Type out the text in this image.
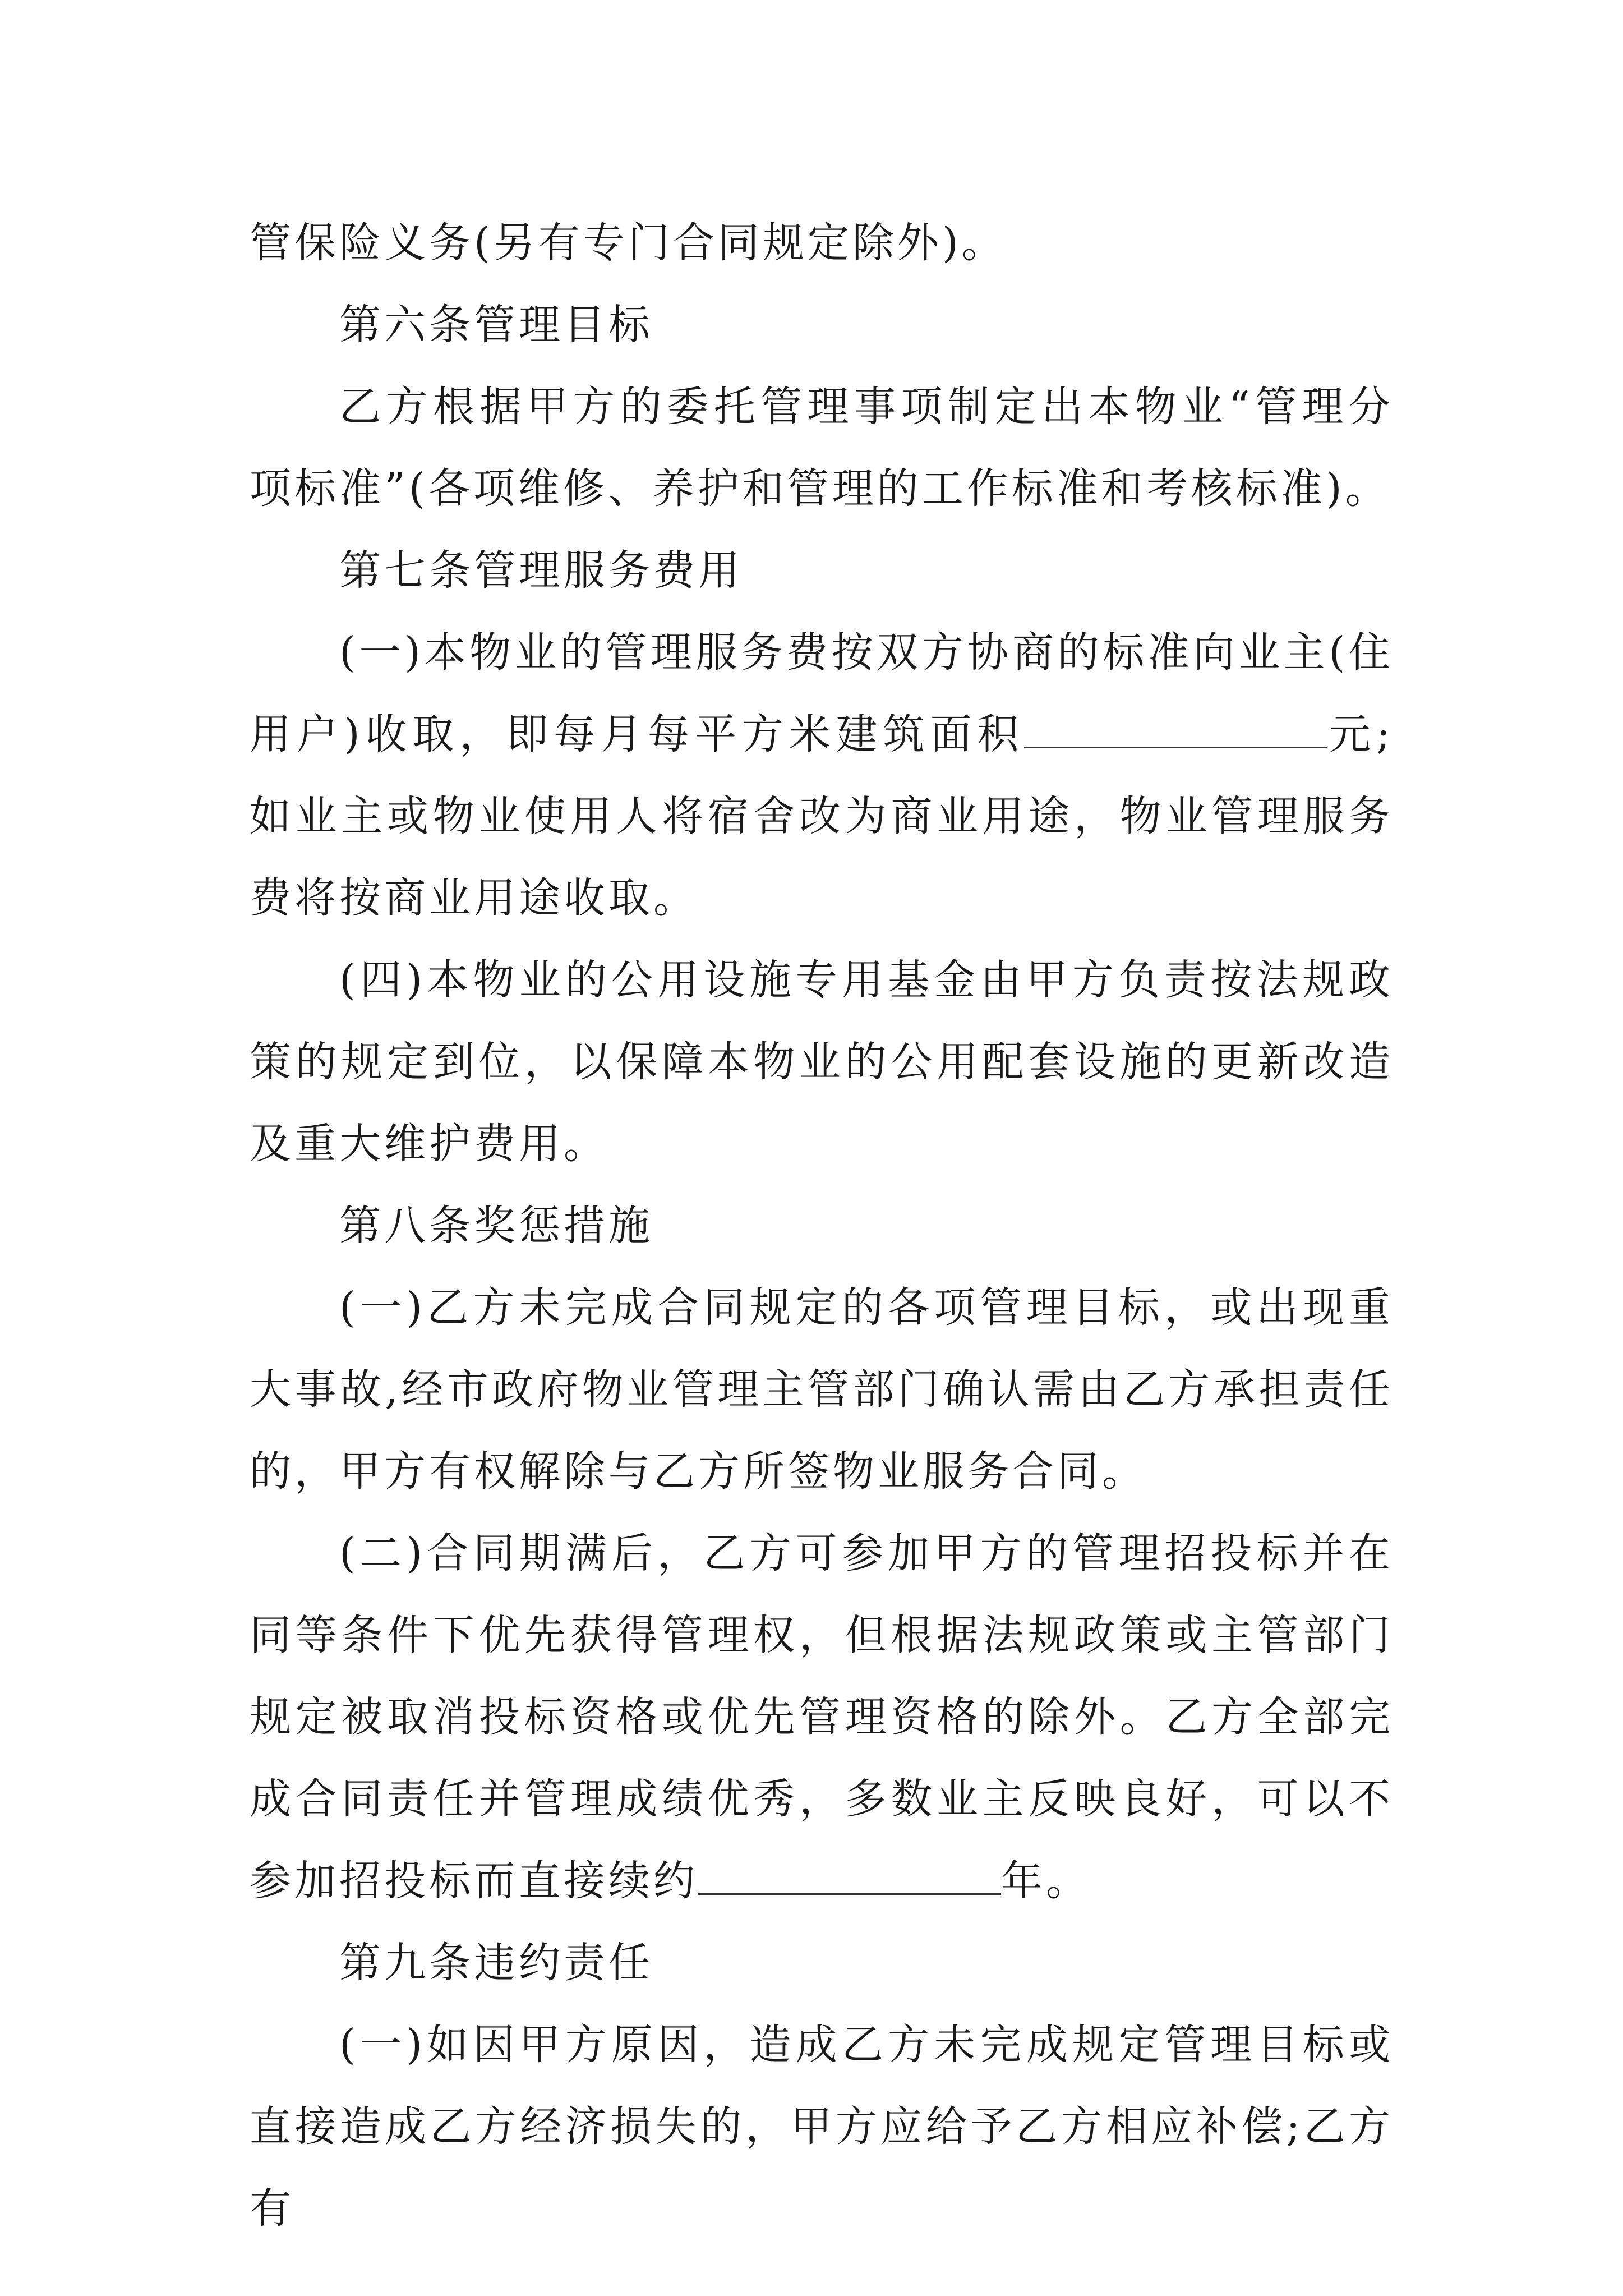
管保险义务(另有专门合同规定除外)。

第六条管理目标

乙方根据甲方的委托管理事项制定出本物业“管理分项标准”(各项维修、养护和管理的工作标准和考核标准)。

第七条管理服务费用

(一)本物业的管理服务费按双方协商的标准向业主(住用户)收取，即每月每平方米建筑面积	元;如业主或物业使用人将宿舍改为商业用途，物业管理服务费将按商业用途收取。

(四)本物业的公用设施专用基金由甲方负责按法规政策的规定到位，以保障本物业的公用配套设施的更新改造及重大维护费用。

第八条奖惩措施

(一)乙方未完成合同规定的各项管理目标，或出现重大事故,经市政府物业管理主管部门确认需由乙方承担责任的，甲方有权解除与乙方所签物业服务合同。

(二)合同期满后，乙方可参加甲方的管理招投标并在同等条件下优先获得管理权，但根据法规政策或主管部门规定被取消投标资格或优先管理资格的除外。乙方全部完成合同责任并管理成绩优秀，多数业主反映良好，可以不参加招投标而直接续约	年。

第九条违约责任

(一)如因甲方原因，造成乙方未完成规定管理目标或直接造成乙方经济损失的，甲方应给予乙方相应补偿;乙方有
